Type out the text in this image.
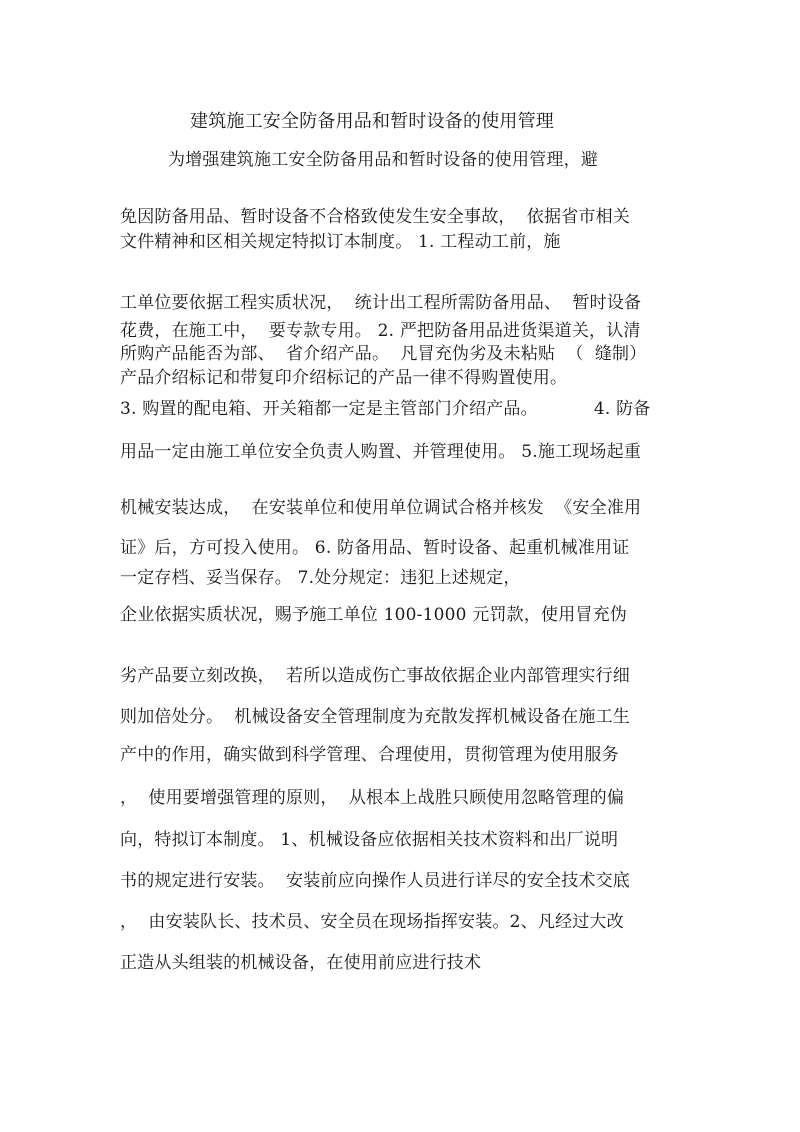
建筑施工安全防备用品和暂时设备的使用管理
为增强建筑施工安全防备用品和暂时设备的使用管理，避
免因防备用品、暂时设备不合格致使发生安全事故，  依据省市相关
文件精神和区相关规定特拟订本制度。 1. 工程动工前，施
工单位要依据工程实质状况，  统计出工程所需防备用品、  暂时设备
花费，在施工中，  要专款专用。 2. 严把防备用品进货渠道关，认清
所购产品能否为部、  省介绍产品。  凡冒充伪劣及未粘贴  （  缝制）
产品介绍标记和带复印介绍标记的产品一律不得购置使用。
3. 购置的配电箱、开关箱都一定是主管部门介绍产品。          4. 防备
用品一定由施工单位安全负责人购置、并管理使用。 5.施工现场起重
机械安装达成，  在安装单位和使用单位调试合格并核发  《安全准用
证》后，方可投入使用。 6. 防备用品、暂时设备、起重机械准用证
一定存档、妥当保存。 7.处分规定：违犯上述规定，
企业依据实质状况，赐予施工单位 100-1000 元罚款，使用冒充伪
劣产品要立刻改换，  若所以造成伤亡事故依据企业内部管理实行细
则加倍处分。  机械设备安全管理制度为充散发挥机械设备在施工生
产中的作用，确实做到科学管理、合理使用，贯彻管理为使用服务
，  使用要增强管理的原则，  从根本上战胜只顾使用忽略管理的偏
向，特拟订本制度。 1、机械设备应依据相关技术资料和出厂说明
书的规定进行安装。  安装前应向操作人员进行详尽的安全技术交底
，  由安装队长、技术员、安全员在现场指挥安装。2、凡经过大改
正造从头组装的机械设备，在使用前应进行技术
